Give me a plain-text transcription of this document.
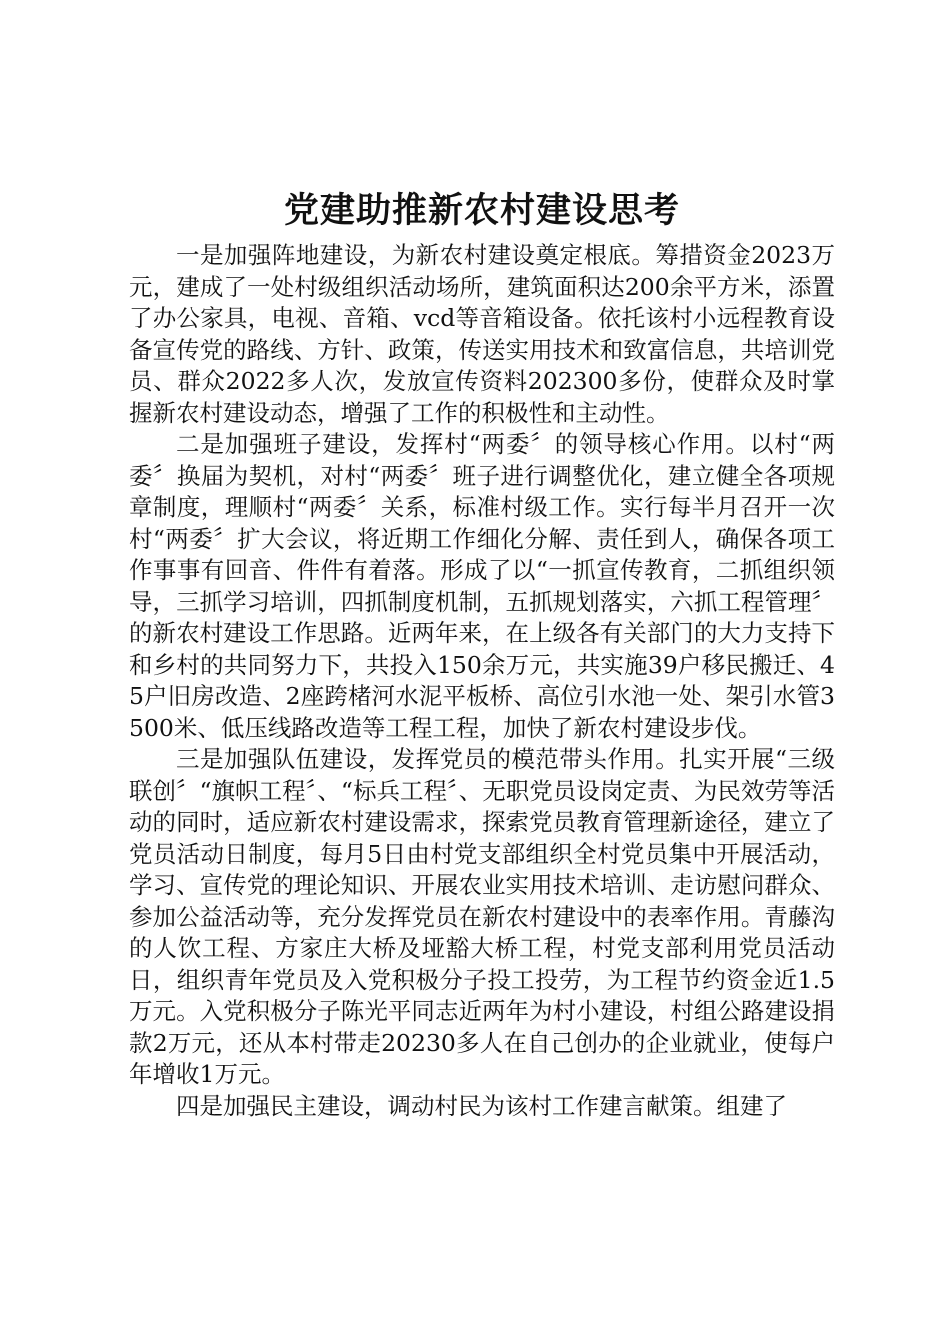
党建助推新农村建设思考

一是加强阵地建设，为新农村建设奠定根底。筹措资金2023万元，建成了一处村级组织活动场所，建筑面积达200余平方米，添置了办公家具，电视、音箱、vcd等音箱设备。依托该村小远程教育设备宣传党的路线、方针、政策，传送实用技术和致富信息，共培训党员、群众2022多人次，发放宣传资料202300多份，使群众及时掌握新农村建设动态，增强了工作的积极性和主动性。

二是加强班子建设，发挥村“两委〞的领导核心作用。以村“两委〞换届为契机，对村“两委〞班子进行调整优化，建立健全各项规章制度，理顺村“两委〞关系，标准村级工作。实行每半月召开一次村“两委〞扩大会议，将近期工作细化分解、责任到人，确保各项工作事事有回音、件件有着落。形成了以“一抓宣传教育，二抓组织领导，三抓学习培训，四抓制度机制，五抓规划落实，六抓工程管理〞的新农村建设工作思路。近两年来，在上级各有关部门的大力支持下和乡村的共同努力下，共投入150余万元，共实施39户移民搬迁、45户旧房改造、2座跨楮河水泥平板桥、高位引水池一处、架引水管3500米、低压线路改造等工程工程，加快了新农村建设步伐。

三是加强队伍建设，发挥党员的模范带头作用。扎实开展“三级联创〞“旗帜工程〞、“标兵工程〞、无职党员设岗定责、为民效劳等活动的同时，适应新农村建设需求，探索党员教育管理新途径，建立了党员活动日制度，每月5日由村党支部组织全村党员集中开展活动，学习、宣传党的理论知识、开展农业实用技术培训、走访慰问群众、参加公益活动等，充分发挥党员在新农村建设中的表率作用。青藤沟的人饮工程、方家庄大桥及垭豁大桥工程，村党支部利用党员活动日，组织青年党员及入党积极分子投工投劳，为工程节约资金近1.5万元。入党积极分子陈光平同志近两年为村小建设，村组公路建设捐款2万元，还从本村带走20230多人在自己创办的企业就业，使每户年增收1万元。

四是加强民主建设，调动村民为该村工作建言献策。组建了
